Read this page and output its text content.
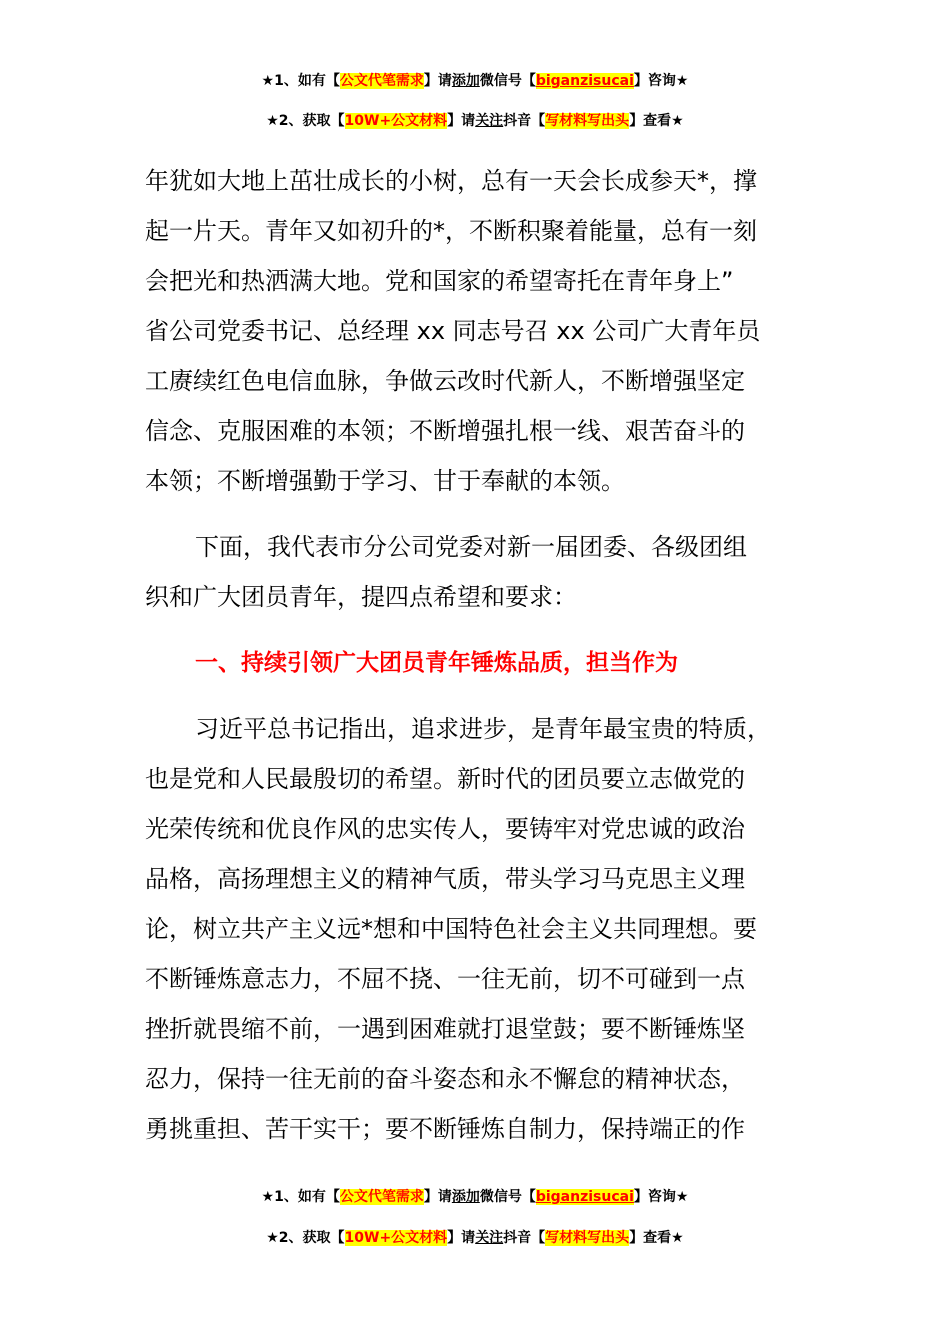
★1、如有【公文代笔需求】请添加微信号【biganzisucai】咨询★
★2、获取【10W+公文材料】请关注抖音【写材料写出头】查看★
年犹如大地上茁壮成长的小树，总有一天会长成参天*，撑
起一片天。青年又如初升的*，不断积聚着能量，总有一刻
会把光和热洒满大地。党和国家的希望寄托在青年身上”
省公司党委书记、总经理 xx 同志号召 xx 公司广大青年员
工赓续红色电信血脉，争做云改时代新人，不断增强坚定
信念、克服困难的本领；不断增强扎根一线、艰苦奋斗的
本领；不断增强勤于学习、甘于奉献的本领。
下面，我代表市分公司党委对新一届团委、各级团组
织和广大团员青年，提四点希望和要求：
一、持续引领广大团员青年锤炼品质，担当作为
习近平总书记指出，追求进步，是青年最宝贵的特质，
也是党和人民最殷切的希望。新时代的团员要立志做党的
光荣传统和优良作风的忠实传人，要铸牢对党忠诚的政治
品格，高扬理想主义的精神气质，带头学习马克思主义理
论，树立共产主义远*想和中国特色社会主义共同理想。要
不断锤炼意志力，不屈不挠、一往无前，切不可碰到一点
挫折就畏缩不前，一遇到困难就打退堂鼓；要不断锤炼坚
忍力，保持一往无前的奋斗姿态和永不懈怠的精神状态，
勇挑重担、苦干实干；要不断锤炼自制力，保持端正的作
★1、如有【公文代笔需求】请添加微信号【biganzisucai】咨询★
★2、获取【10W+公文材料】请关注抖音【写材料写出头】查看★
